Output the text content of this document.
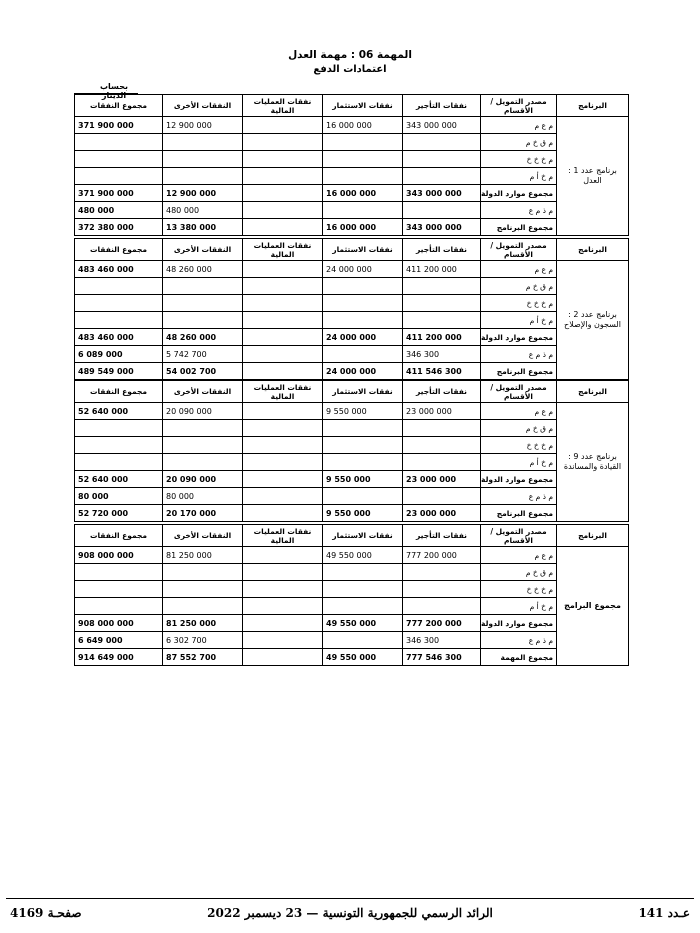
المهمة 06 : مهمة العدل
اعتمادات الدفع
بحساب الدينار
البرنامج	مصدر التمويل / الأقسام	نفقات التأجير	نفقات الاستثمار	نفقات العمليات المالية	النفقات الأخرى	مجموع النفقات

برنامج عدد 1 : العدل	م ع م	343 000 000	16 000 000		12 900 000	371 900 000
	م ق خ م					
	م خ خ خ					
	م خ أ م					
	مجموع موارد الدولة	343 000 000	16 000 000		12 900 000	371 900 000
	م ذ م ع				480 000	480 000
	مجموع البرنامج	343 000 000	16 000 000		13 380 000	372 380 000
البرنامج	مصدر التمويل / الأقسام	نفقات التأجير	نفقات الاستثمار	نفقات العمليات المالية	النفقات الأخرى	مجموع النفقات

برنامج عدد 2 : السجون والإصلاح	م ع م	411 200 000	24 000 000		48 260 000	483 460 000
	م ق خ م					
	م خ خ خ					
	م خ أ م					
	مجموع موارد الدولة	411 200 000	24 000 000		48 260 000	483 460 000
	م ذ م ع	346 300			5 742 700	6 089 000
	مجموع البرنامج	411 546 300	24 000 000		54 002 700	489 549 000
البرنامج	مصدر التمويل / الأقسام	نفقات التأجير	نفقات الاستثمار	نفقات العمليات المالية	النفقات الأخرى	مجموع النفقات

برنامج عدد 9 : القيادة والمساندة	م ع م	23 000 000	9 550 000		20 090 000	52 640 000
	م ق خ م					
	م خ خ خ					
	م خ أ م					
	مجموع موارد الدولة	23 000 000	9 550 000		20 090 000	52 640 000
	م ذ م ع				80 000	80 000
	مجموع البرنامج	23 000 000	9 550 000		20 170 000	52 720 000
البرنامج	مصدر التمويل / الأقسام	نفقات التأجير	نفقات الاستثمار	نفقات العمليات المالية	النفقات الأخرى	مجموع النفقات

مجموع البرامج	م ع م	777 200 000	49 550 000		81 250 000	908 000 000
	م ق خ م					
	م خ خ خ					
	م خ أ م					
	مجموع موارد الدولة	777 200 000	49 550 000		81 250 000	908 000 000
	م ذ م ع	346 300			6 302 700	6 649 000
	مجموع المهمة	777 546 300	49 550 000		87 552 700	914 649 000
صفحـة 4169	الرائد الرسمي للجمهورية التونسية — 23 ديسمبر 2022	عـدد 141
